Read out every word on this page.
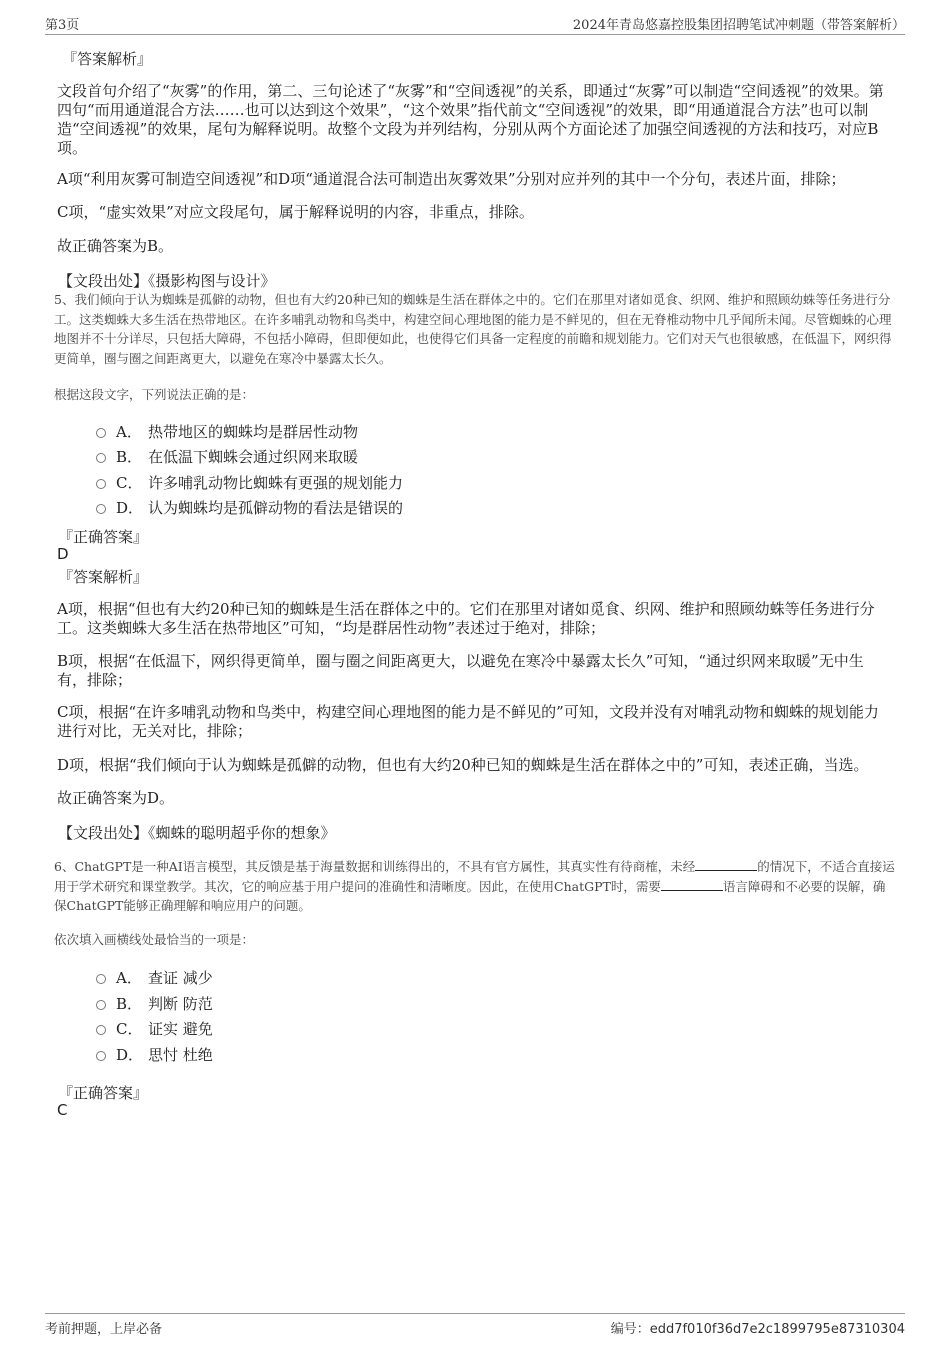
第3页	2024年青岛悠嘉控股集团招聘笔试冲刺题（带答案解析）
『答案解析』
文段首句介绍了“灰雾”的作用，第二、三句论述了“灰雾”和“空间透视”的关系，即通过“灰雾”可以制造“空间透视”的效果。第四句“而用通道混合方法……也可以达到这个效果”，“这个效果”指代前文“空间透视”的效果，即“用通道混合方法”也可以制造“空间透视”的效果，尾句为解释说明。故整个文段为并列结构，分别从两个方面论述了加强空间透视的方法和技巧，对应B项。
A项“利用灰雾可制造空间透视”和D项“通道混合法可制造出灰雾效果”分别对应并列的其中一个分句，表述片面，排除；
C项，“虚实效果”对应文段尾句，属于解释说明的内容，非重点，排除。
故正确答案为B。
【文段出处】《摄影构图与设计》
5、我们倾向于认为蜘蛛是孤僻的动物，但也有大约20种已知的蜘蛛是生活在群体之中的。它们在那里对诸如觅食、织网、维护和照顾幼蛛等任务进行分工。这类蜘蛛大多生活在热带地区。在许多哺乳动物和鸟类中，构建空间心理地图的能力是不鲜见的，但在无脊椎动物中几乎闻所未闻。尽管蜘蛛的心理地图并不十分详尽，只包括大障碍，不包括小障碍，但即便如此，也使得它们具备一定程度的前瞻和规划能力。它们对天气也很敏感，在低温下，网织得更简单，圈与圈之间距离更大，以避免在寒冷中暴露太长久。
根据这段文字，下列说法正确的是：
A． 热带地区的蜘蛛均是群居性动物
B． 在低温下蜘蛛会通过织网来取暖
C． 许多哺乳动物比蜘蛛有更强的规划能力
D． 认为蜘蛛均是孤僻动物的看法是错误的
『正确答案』
D
『答案解析』
A项，根据“但也有大约20种已知的蜘蛛是生活在群体之中的。它们在那里对诸如觅食、织网、维护和照顾幼蛛等任务进行分工。这类蜘蛛大多生活在热带地区”可知，“均是群居性动物”表述过于绝对，排除；
B项，根据“在低温下，网织得更简单，圈与圈之间距离更大，以避免在寒冷中暴露太长久”可知，“通过织网来取暖”无中生有，排除；
C项，根据“在许多哺乳动物和鸟类中，构建空间心理地图的能力是不鲜见的”可知，文段并没有对哺乳动物和蜘蛛的规划能力进行对比，无关对比，排除；
D项，根据“我们倾向于认为蜘蛛是孤僻的动物，但也有大约20种已知的蜘蛛是生活在群体之中的”可知，表述正确，当选。
故正确答案为D。
【文段出处】《蜘蛛的聪明超乎你的想象》
6、ChatGPT是一种AI语言模型，其反馈是基于海量数据和训练得出的，不具有官方属性，其真实性有待商榷，未经	的情况下，不适合直接运用于学术研究和课堂教学。其次，它的响应基于用户提问的准确性和清晰度。因此，在使用ChatGPT时，需要	语言障碍和不必要的误解，确保ChatGPT能够正确理解和响应用户的问题。
依次填入画横线处最恰当的一项是：
A． 查证 减少
B． 判断 防范
C． 证实 避免
D． 思忖 杜绝
『正确答案』
C
考前押题，上岸必备	编号：edd7f010f36d7e2c1899795e87310304
